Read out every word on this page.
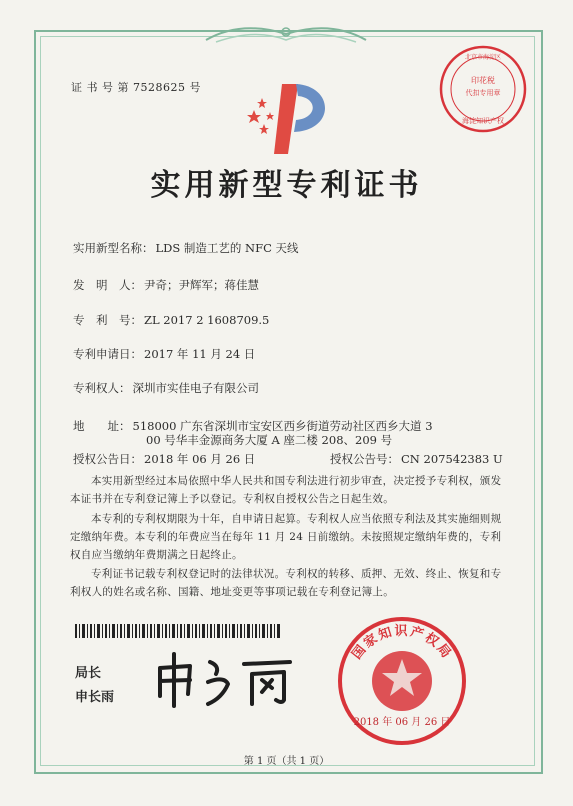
证 书 号 第 7528625 号
印花税
代扣专用章
海淀知识产权
北京市海淀区
实用新型专利证书
实用新型名称： LDS 制造工艺的 NFC 天线
发　明　人： 尹奇；尹辉军；蒋佳慧
专　利　号： ZL 2017 2 1608709.5
专利申请日： 2017 年 11 月 24 日
专利权人： 深圳市实佳电子有限公司
地　　址： 518000 广东省深圳市宝安区西乡街道劳动社区西乡大道 3
00 号华丰金源商务大厦 A 座二楼 208、209 号
授权公告日： 2018 年 06 月 26 日	授权公告号： CN 207542383 U
本实用新型经过本局依照中华人民共和国专利法进行初步审查，决定授予专利权，颁发本证书并在专利登记簿上予以登记。专利权自授权公告之日起生效。
本专利的专利权期限为十年，自申请日起算。专利权人应当依照专利法及其实施细则规定缴纳年费。本专利的年费应当在每年 11 月 24 日前缴纳。未按照规定缴纳年费的，专利权自应当缴纳年费期满之日起终止。
专利证书记载专利权登记时的法律状况。专利权的转移、质押、无效、终止、恢复和专利权人的姓名或名称、国籍、地址变更等事项记载在专利登记簿上。
局长
申长雨
国家知识产权局
2018 年 06 月 26 日
第 1 页（共 1 页）
